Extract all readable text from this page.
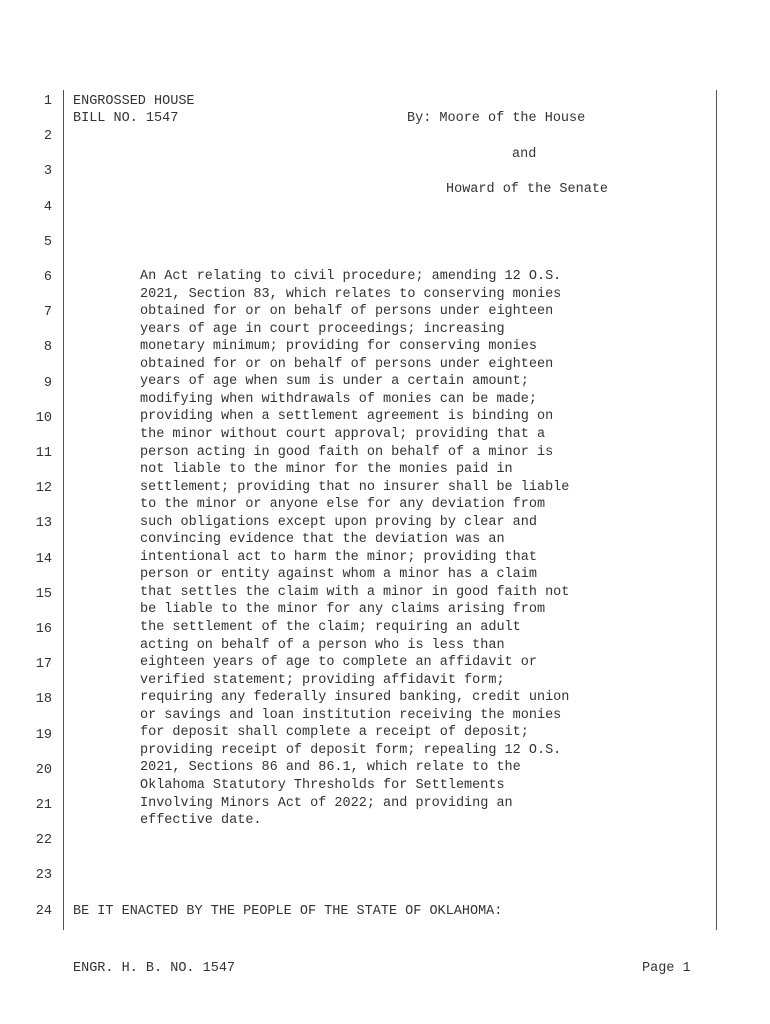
1
2
3
4
5
6
7
8
9
10
11
12
13
14
15
16
17
18
19
20
21
22
23
24
ENGROSSED HOUSE
BILL NO. 1547	By: Moore of the House
and
Howard of the Senate
An Act relating to civil procedure; amending 12 O.S.
2021, Section 83, which relates to conserving monies
obtained for or on behalf of persons under eighteen
years of age in court proceedings; increasing
monetary minimum; providing for conserving monies
obtained for or on behalf of persons under eighteen
years of age when sum is under a certain amount;
modifying when withdrawals of monies can be made;
providing when a settlement agreement is binding on
the minor without court approval; providing that a
person acting in good faith on behalf of a minor is
not liable to the minor for the monies paid in
settlement; providing that no insurer shall be liable
to the minor or anyone else for any deviation from
such obligations except upon proving by clear and
convincing evidence that the deviation was an
intentional act to harm the minor; providing that
person or entity against whom a minor has a claim
that settles the claim with a minor in good faith not
be liable to the minor for any claims arising from
the settlement of the claim; requiring an adult
acting on behalf of a person who is less than
eighteen years of age to complete an affidavit or
verified statement; providing affidavit form;
requiring any federally insured banking, credit union
or savings and loan institution receiving the monies
for deposit shall complete a receipt of deposit;
providing receipt of deposit form; repealing 12 O.S.
2021, Sections 86 and 86.1, which relate to the
Oklahoma Statutory Thresholds for Settlements
Involving Minors Act of 2022; and providing an
effective date.
BE IT ENACTED BY THE PEOPLE OF THE STATE OF OKLAHOMA:
ENGR. H. B. NO. 1547	Page 1
